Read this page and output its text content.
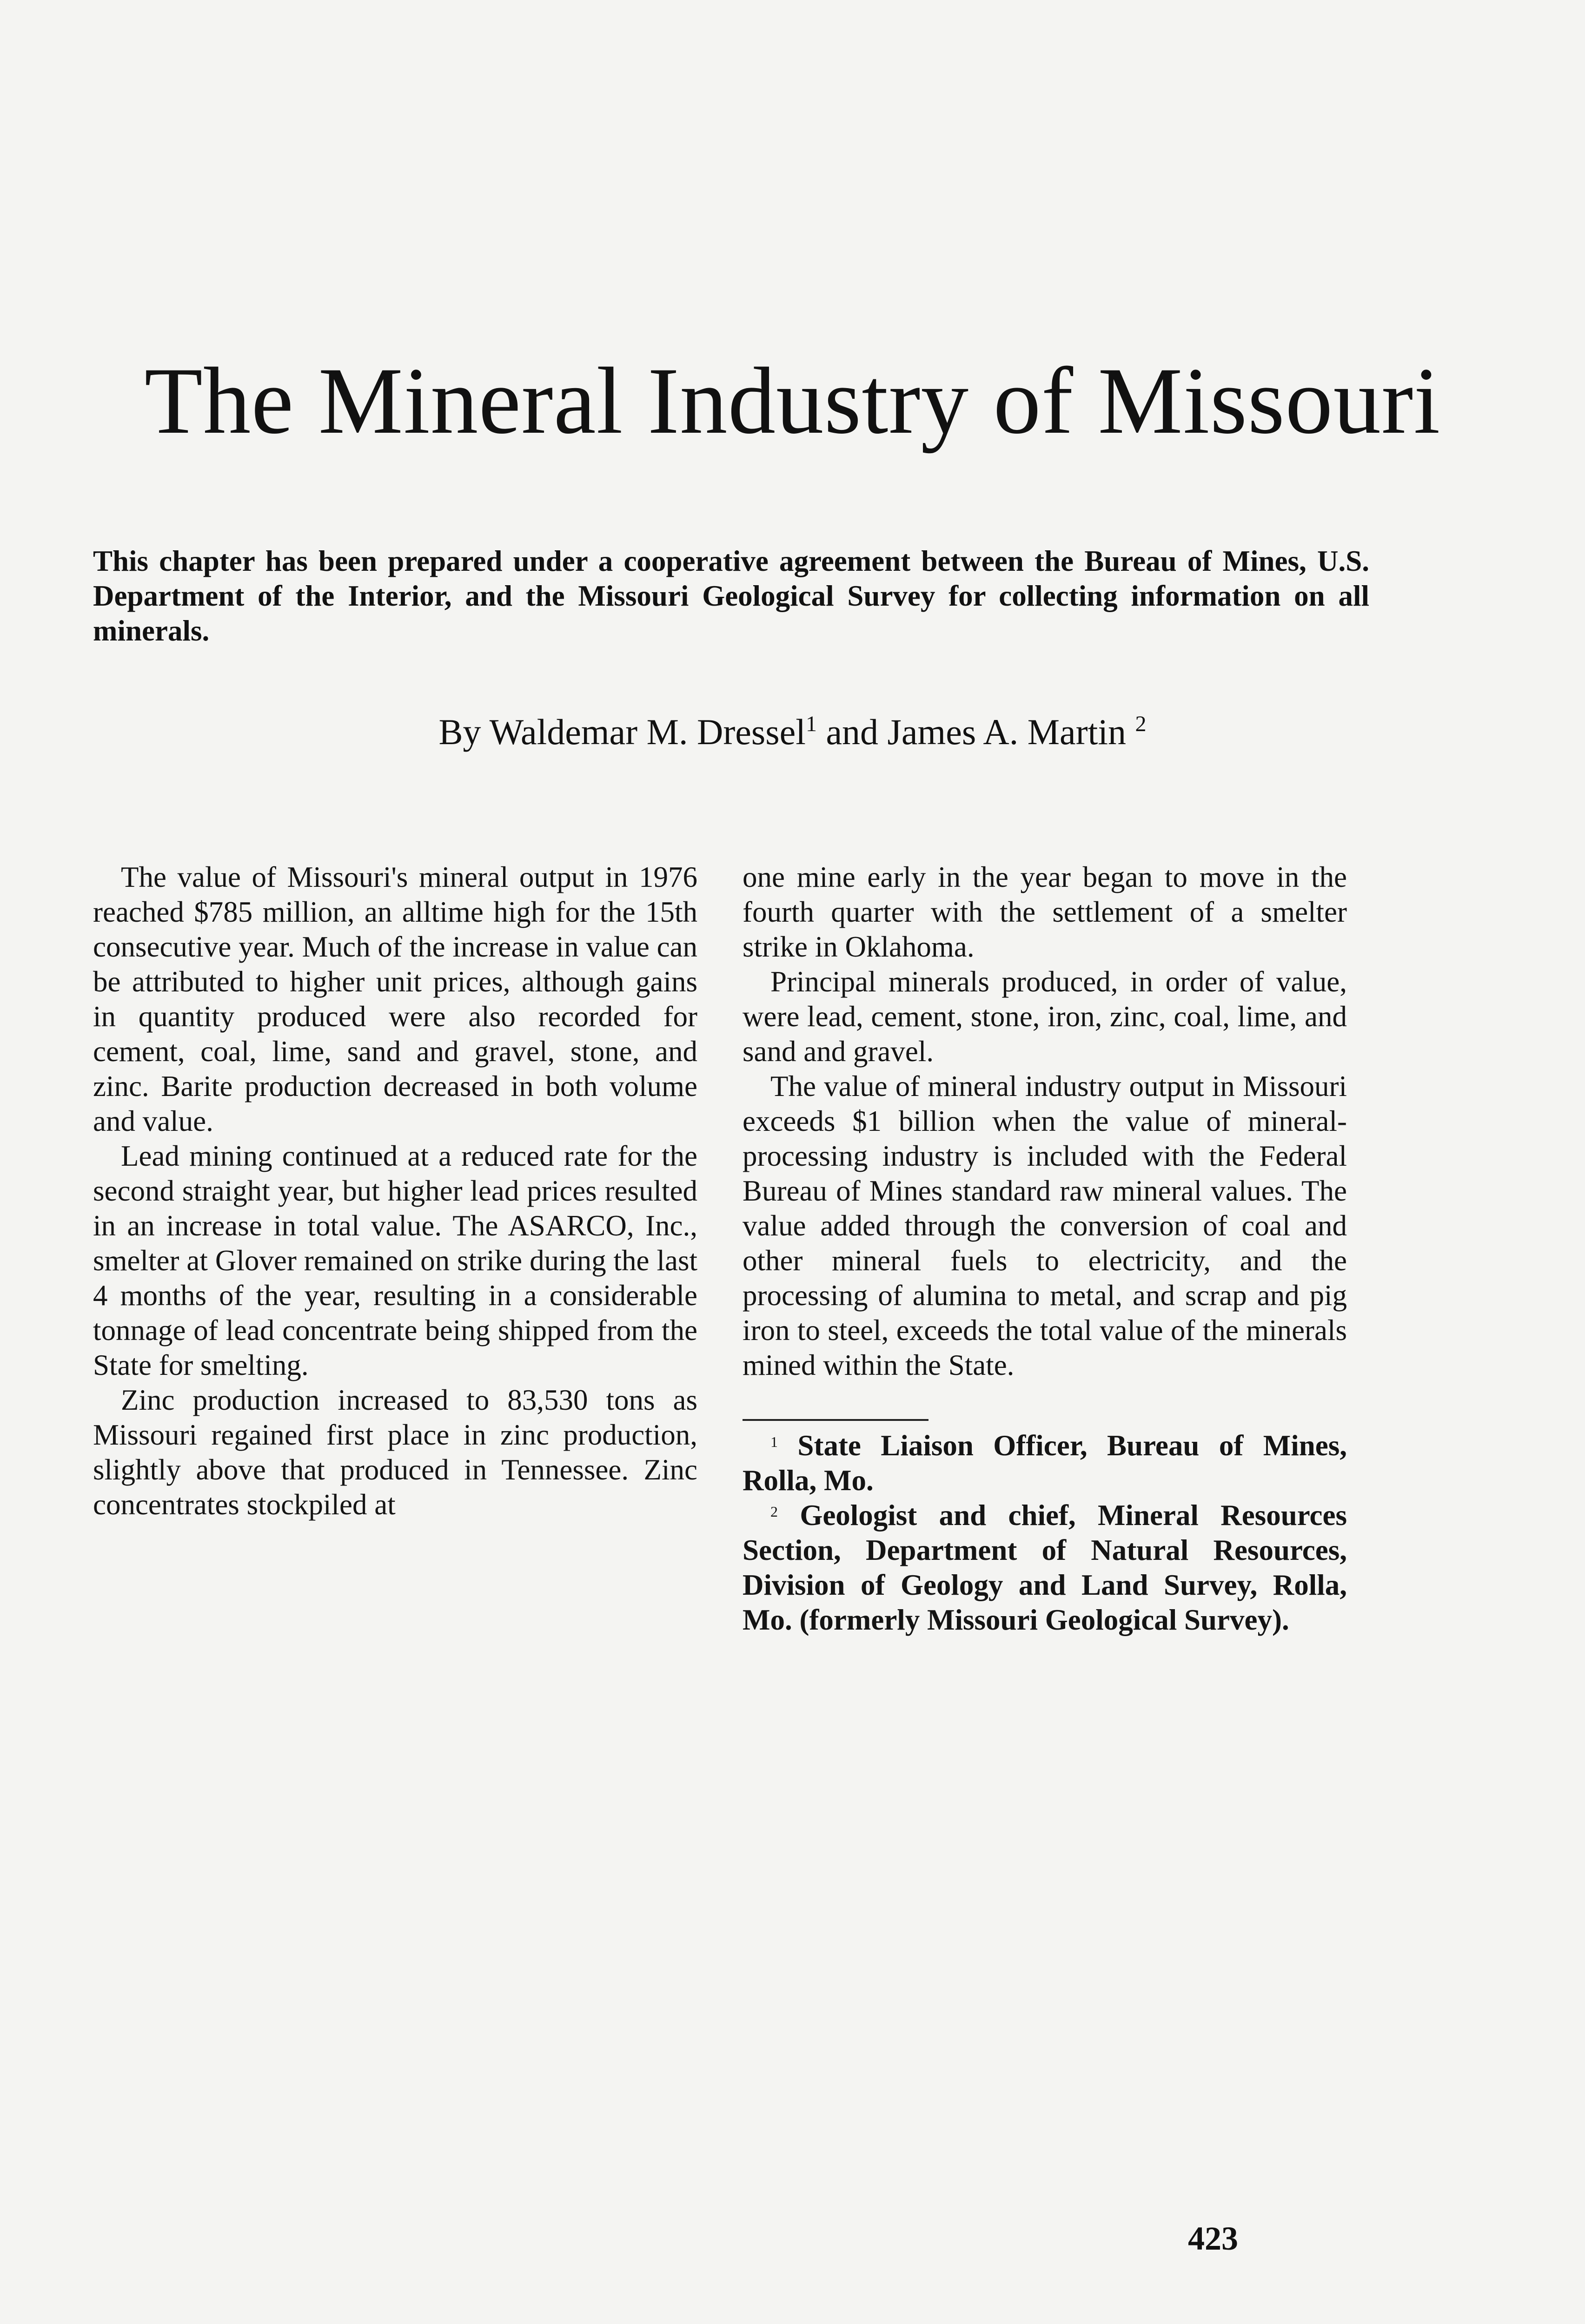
The Mineral Industry of Missouri

This chapter has been prepared under a cooperative agreement between the Bureau of Mines, U.S. Department of the Interior, and the Missouri Geological Survey for collecting information on all minerals.

By Waldemar M. Dressel$^1$ and James A. Martin $^2$

The value of Missouri's mineral output in 1976 reached $785 million, an alltime high for the 15th consecutive year. Much of the increase in value can be attributed to higher unit prices, although gains in quantity produced were also recorded for cement, coal, lime, sand and gravel, stone, and zinc. Barite production decreased in both volume and value.

Lead mining continued at a reduced rate for the second straight year, but higher lead prices resulted in an increase in total value. The ASARCO, Inc., smelter at Glover remained on strike during the last 4 months of the year, resulting in a considerable tonnage of lead concentrate being shipped from the State for smelting.

Zinc production increased to 83,530 tons as Missouri regained first place in zinc production, slightly above that produced in Tennessee. Zinc concentrates stockpiled at

one mine early in the year began to move in the fourth quarter with the settlement of a smelter strike in Oklahoma.

Principal minerals produced, in order of value, were lead, cement, stone, iron, zinc, coal, lime, and sand and gravel.

The value of mineral industry output in Missouri exceeds $1 billion when the value of mineral-processing industry is included with the Federal Bureau of Mines standard raw mineral values. The value added through the conversion of coal and other mineral fuels to electricity, and the processing of alumina to metal, and scrap and pig iron to steel, exceeds the total value of the minerals mined within the State.

$^1$ State Liaison Officer, Bureau of Mines, Rolla, Mo.

$^2$ Geologist and chief, Mineral Resources Section, Department of Natural Resources, Division of Geology and Land Survey, Rolla, Mo. (formerly Missouri Geological Survey).

423
